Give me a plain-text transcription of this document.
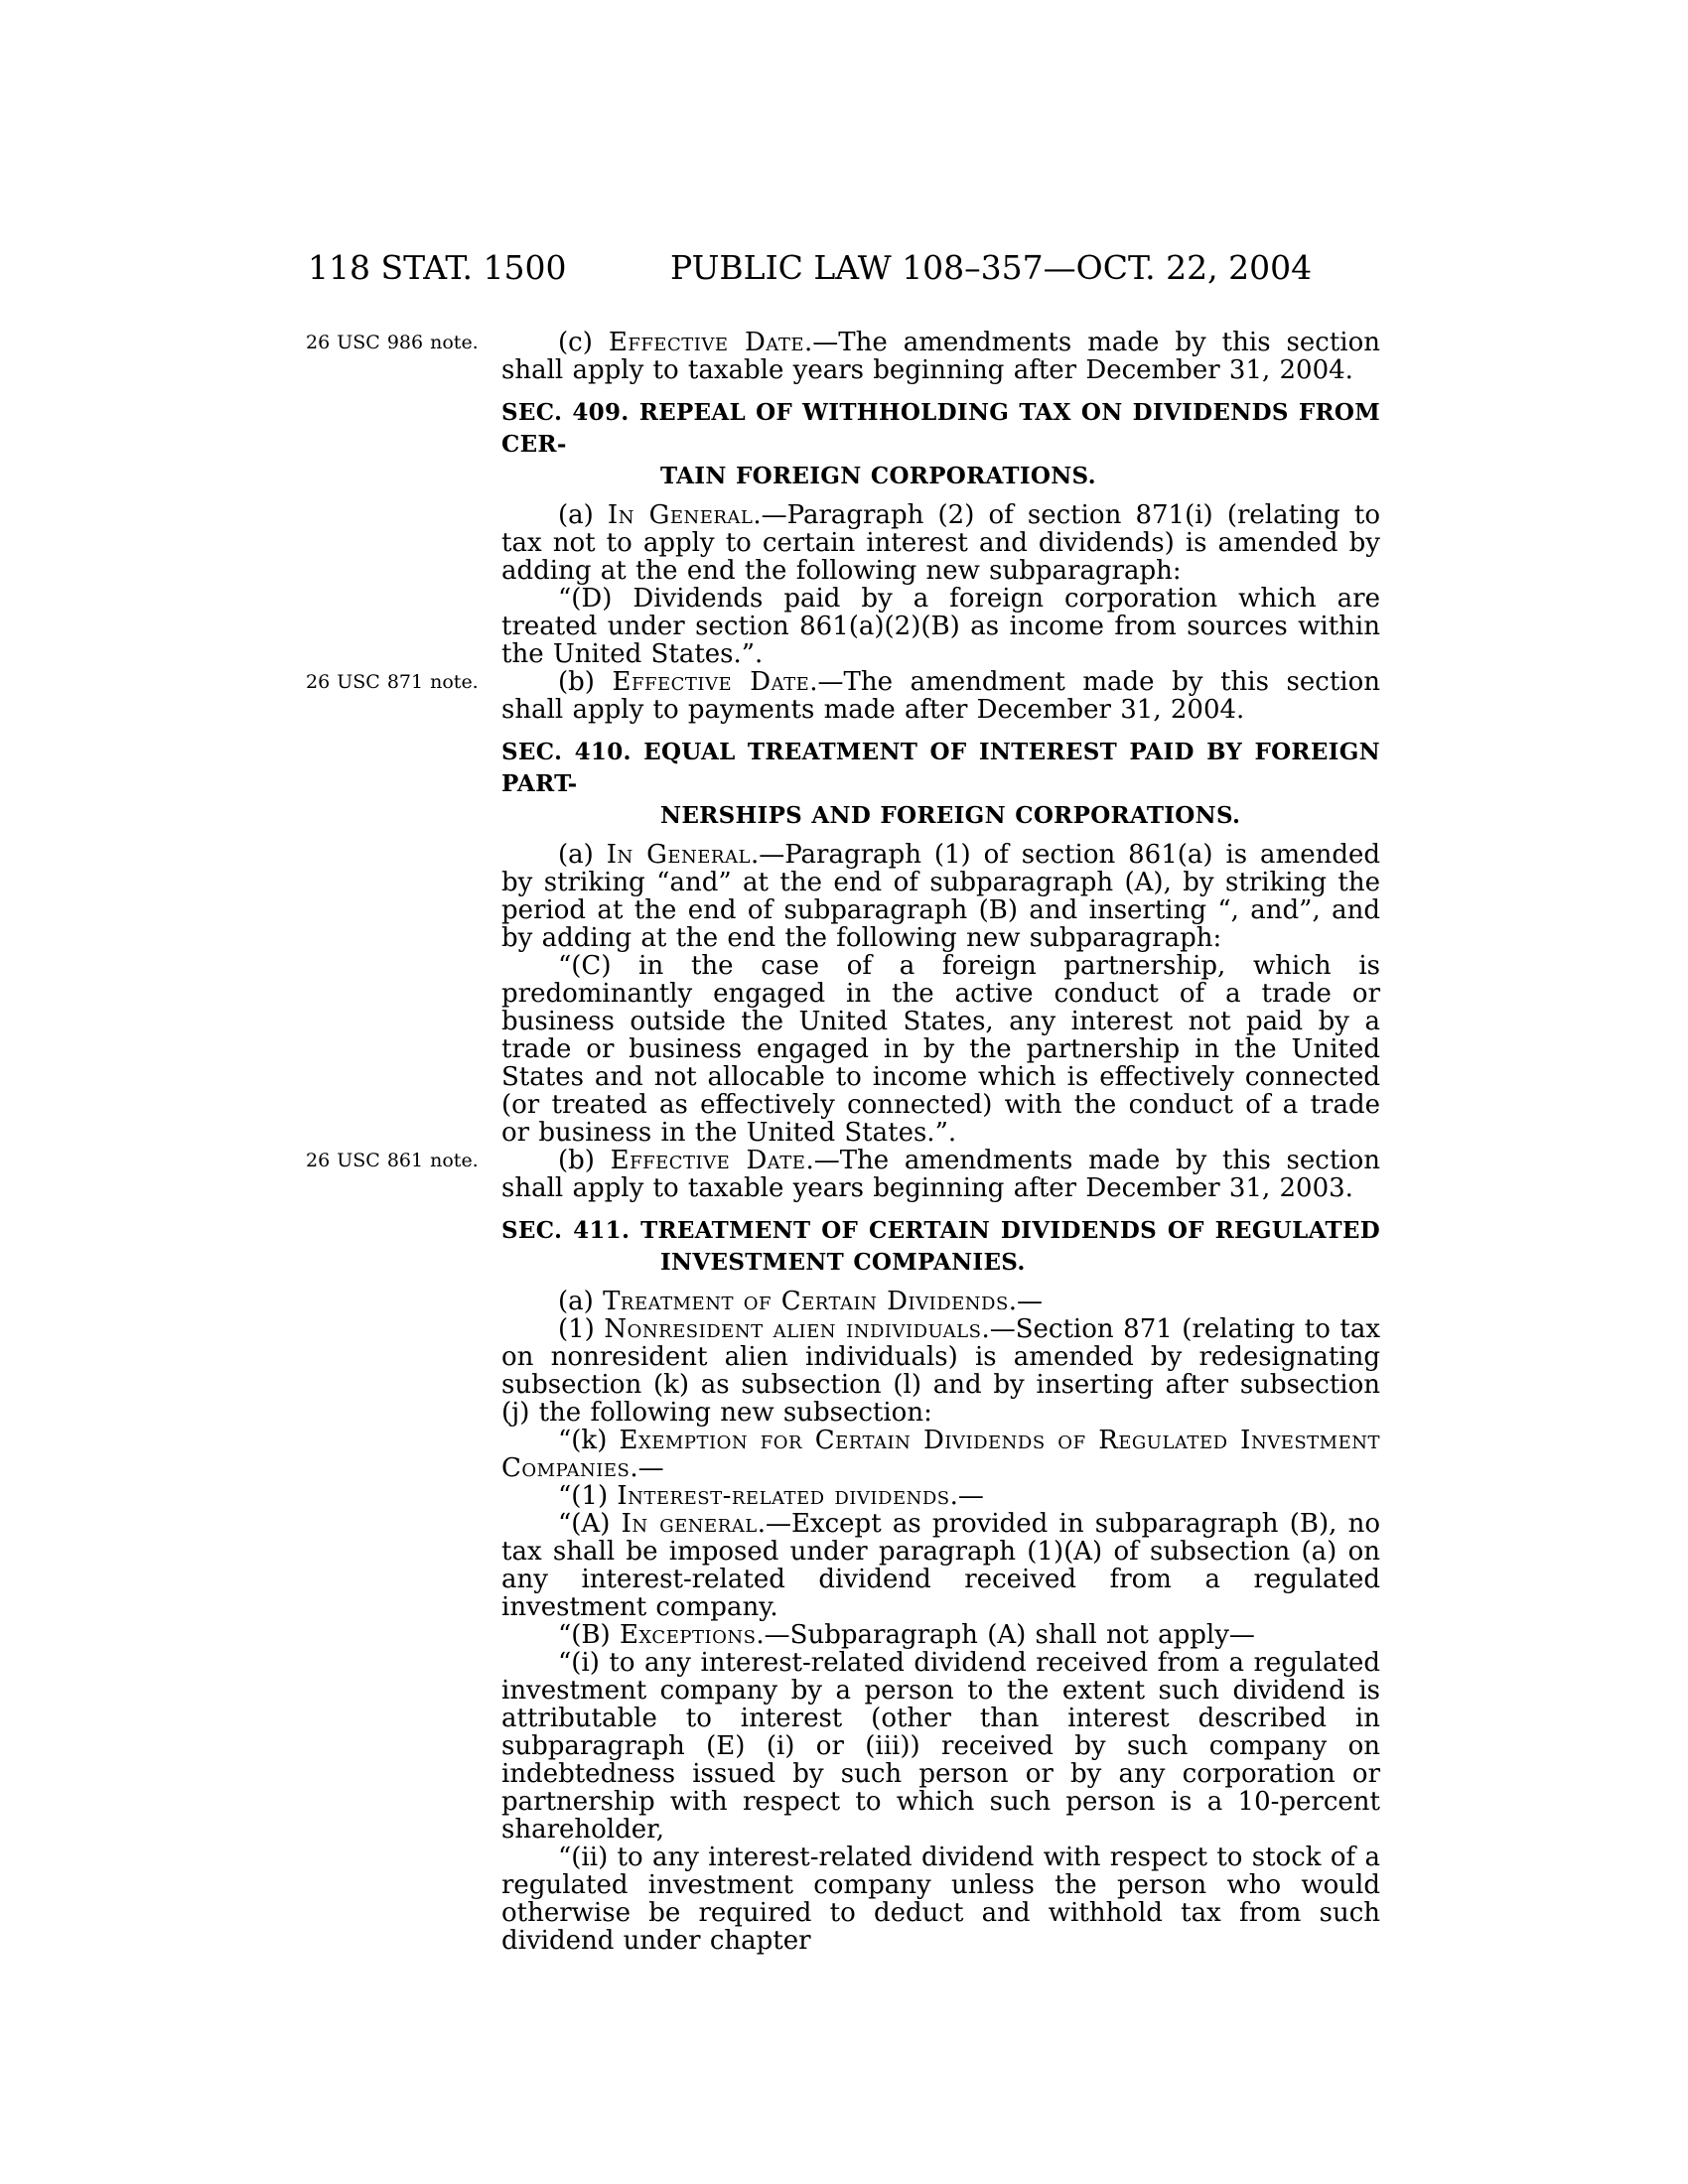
118 STAT. 1500	PUBLIC LAW 108–357—OCT. 22, 2004

26 USC 986 note.	(c) Effective Date.—The amendments made by this section shall apply to taxable years beginning after December 31, 2004.

SEC. 409. REPEAL OF WITHHOLDING TAX ON DIVIDENDS FROM CER-
TAIN FOREIGN CORPORATIONS.

(a) In General.—Paragraph (2) of section 871(i) (relating to tax not to apply to certain interest and dividends) is amended by adding at the end the following new subparagraph:

“(D) Dividends paid by a foreign corporation which are treated under section 861(a)(2)(B) as income from sources within the United States.”.

26 USC 871 note.	(b) Effective Date.—The amendment made by this section shall apply to payments made after December 31, 2004.

SEC. 410. EQUAL TREATMENT OF INTEREST PAID BY FOREIGN PART-
NERSHIPS AND FOREIGN CORPORATIONS.

(a) In General.—Paragraph (1) of section 861(a) is amended by striking “and” at the end of subparagraph (A), by striking the period at the end of subparagraph (B) and inserting “, and”, and by adding at the end the following new subparagraph:

“(C) in the case of a foreign partnership, which is predominantly engaged in the active conduct of a trade or business outside the United States, any interest not paid by a trade or business engaged in by the partnership in the United States and not allocable to income which is effectively connected (or treated as effectively connected) with the conduct of a trade or business in the United States.”.

26 USC 861 note.	(b) Effective Date.—The amendments made by this section shall apply to taxable years beginning after December 31, 2003.

SEC. 411. TREATMENT OF CERTAIN DIVIDENDS OF REGULATED
INVESTMENT COMPANIES.

(a) Treatment of Certain Dividends.—

(1) Nonresident alien individuals.—Section 871 (relating to tax on nonresident alien individuals) is amended by redesignating subsection (k) as subsection (l) and by inserting after subsection (j) the following new subsection:

“(k) Exemption for Certain Dividends of Regulated Investment Companies.—

“(1) Interest-related dividends.—

“(A) In general.—Except as provided in subparagraph (B), no tax shall be imposed under paragraph (1)(A) of subsection (a) on any interest-related dividend received from a regulated investment company.

“(B) Exceptions.—Subparagraph (A) shall not apply—

“(i) to any interest-related dividend received from a regulated investment company by a person to the extent such dividend is attributable to interest (other than interest described in subparagraph (E) (i) or (iii)) received by such company on indebtedness issued by such person or by any corporation or partnership with respect to which such person is a 10-percent shareholder,

“(ii) to any interest-related dividend with respect to stock of a regulated investment company unless the person who would otherwise be required to deduct and withhold tax from such dividend under chapter
